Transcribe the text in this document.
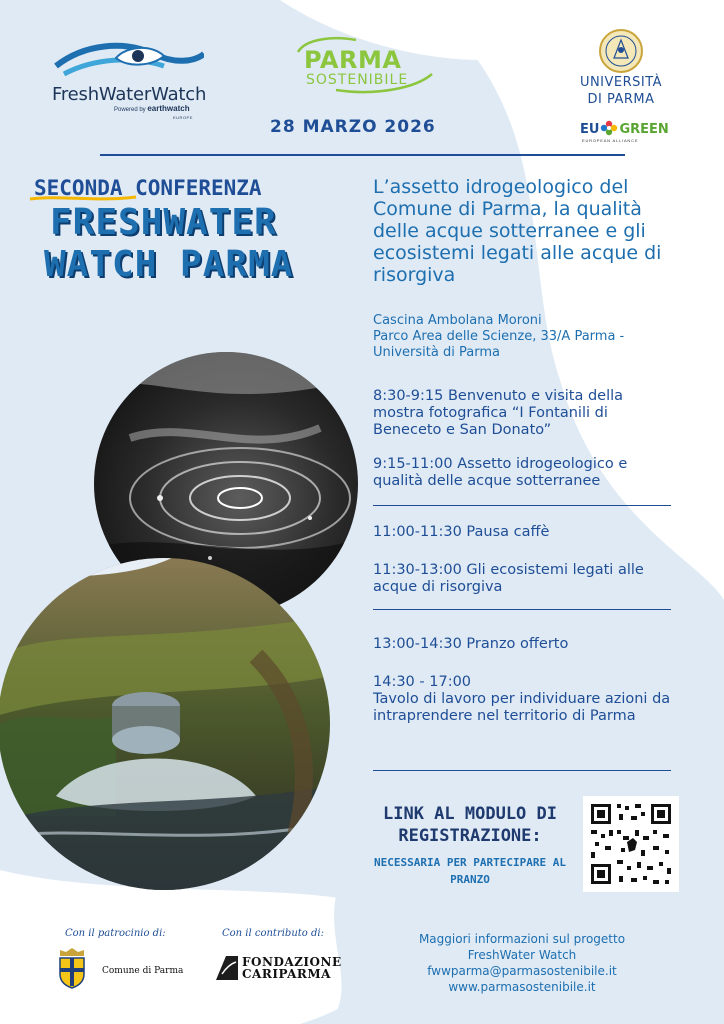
FreshWaterWatch
Powered by earthwatch
EUROPE
PARMA
SOSTENIBILE	UNIVERSITÀ
DI PARMA
EU GREEN
EUROPEAN ALLIANCE
28 MARZO 2026
SECONDA CONFERENZA
FRESHWATER
WATCH PARMA
L’assetto idrogeologico del Comune di Parma, la qualità delle acque sotterranee e gli ecosistemi legati alle acque di risorgiva
Cascina Ambolana Moroni
Parco Area delle Scienze, 33/A Parma -
Università di Parma
8:30-9:15 Benvenuto e visita della mostra fotografica “I Fontanili di Beneceto e San Donato”
9:15-11:00 Assetto idrogeologico e qualità delle acque sotterranee
11:00-11:30 Pausa caffè
11:30-13:00 Gli ecosistemi legati alle acque di risorgiva
13:00-14:30 Pranzo offerto
14:30 - 17:00
Tavolo di lavoro per individuare azioni da intraprendere nel territorio di Parma
LINK AL MODULO DI REGISTRAZIONE:
NECESSARIA PER PARTECIPARE AL PRANZO
Con il patrocinio di:
Comune di Parma
Con il contributo di:
FONDAZIONE
CARIPARMA
Maggiori informazioni sul progetto
FreshWater Watch
fwwparma@parmasostenibile.it
www.parmasostenibile.it
